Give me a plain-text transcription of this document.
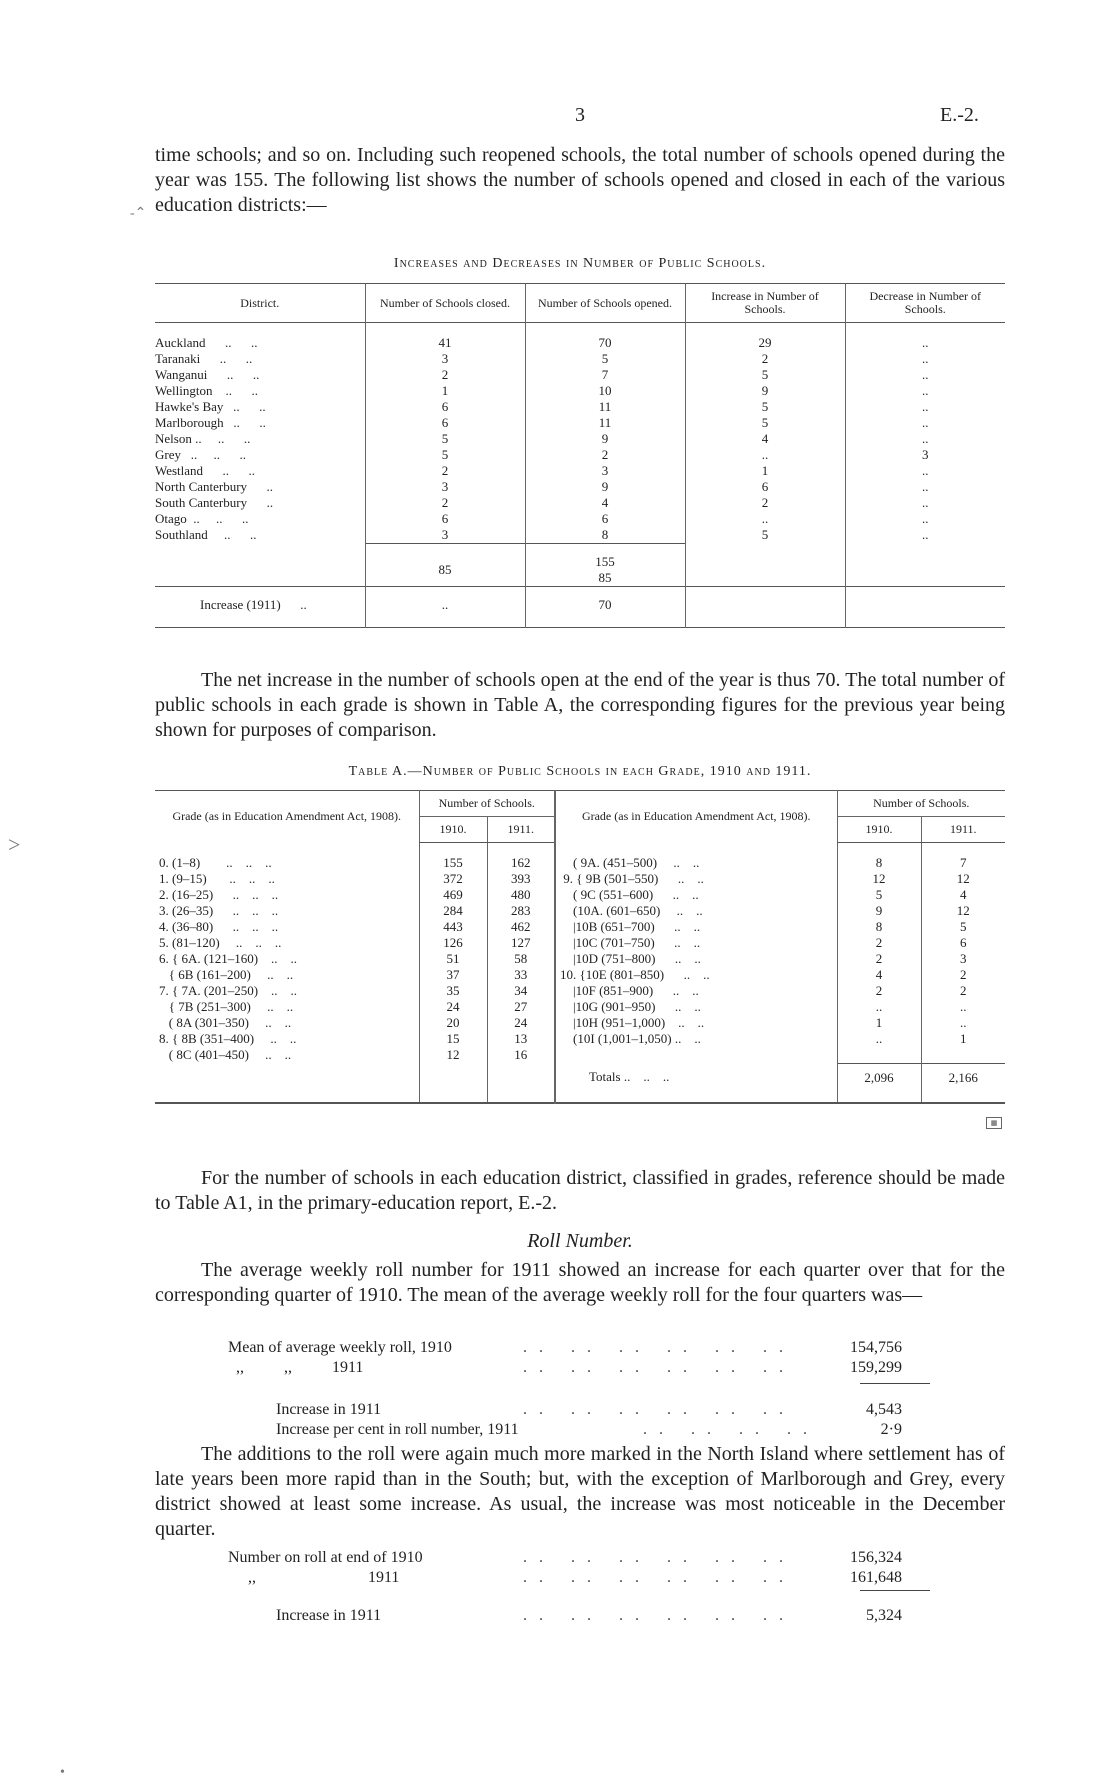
3	E.-2.

time schools; and so on. Including such reopened schools, the total number of schools opened during the year was 155. The following list shows the number of schools opened and closed in each of the various education districts:—

Increases and Decreases in Number of Public Schools.
District.	Number of Schools closed.	Number of Schools opened.	Increase in Number of Schools.	Decrease in Number of Schools.
Auckland      ..      ..	41	70	29	..
Taranaki      ..      ..	3	5	2	..
Wanganui      ..      ..	2	7	5	..
Wellington    ..      ..	1	10	9	..
Hawke's Bay   ..      ..	6	11	5	..
Marlborough   ..      ..	6	11	5	..
Nelson ..     ..      ..	5	9	4	..
Grey   ..     ..      ..	5	2	..	3
Westland      ..      ..	2	3	1	..
North Canterbury      ..	3	9	6	..
South Canterbury      ..	2	4	2	..
Otago  ..     ..      ..	6	6	..	..
Southland     ..      ..	3	8	5	..
	85	155
85		
Increase (1911)      ..	..	70		

The net increase in the number of schools open at the end of the year is thus 70. The total number of public schools in each grade is shown in Table A, the corresponding figures for the previous year being shown for purposes of comparison.

Table A.—Number of Public Schools in each Grade, 1910 and 1911.
Grade (as in Education Amendment Act, 1908).	Number of Schools.		Grade (as in Education Amendment Act, 1908).	Number of Schools.	
	1910.	1911.		1910.	1911.
0. (1–8)        ..    ..    ..	155	162	( 9A. (451–500)     ..    ..	8	7
1. (9–15)       ..    ..    ..	372	393	9. { 9B (501–550)      ..    ..	12	12
2. (16–25)      ..    ..    ..	469	480	( 9C (551–600)      ..    ..	5	4
3. (26–35)      ..    ..    ..	284	283	(10A. (601–650)     ..    ..	9	12
4. (36–80)      ..    ..    ..	443	462	|10B (651–700)      ..    ..	8	5
5. (81–120)     ..    ..    ..	126	127	|10C (701–750)      ..    ..	2	6
6. { 6A. (121–160)    ..    ..	51	58	|10D (751–800)      ..    ..	2	3
{ 6B (161–200)     ..    ..	37	33	10. {10E (801–850)      ..    ..	4	2
7. { 7A. (201–250)    ..    ..	35	34	|10F (851–900)      ..    ..	2	2
{ 7B (251–300)     ..    ..	24	27	|10G (901–950)      ..    ..	..	..
( 8A (301–350)     ..    ..	20	24	|10H (951–1,000)    ..    ..	1	..
8. { 8B (351–400)     ..    ..	15	13	(10I (1,001–1,050) ..    ..	..	1
( 8C (401–450)     ..    ..	12	16			
			Totals ..    ..    ..	2,096	2,166
▦

For the number of schools in each education district, classified in grades, reference should be made to Table A1, in the primary-education report, E.-2.

Roll Number.

The average weekly roll number for 1911 showed an increase for each quarter over that for the corresponding quarter of 1910. The mean of the average weekly roll for the four quarters was—

Mean of average weekly roll, 1910	.. .. .. .. .. ..	154,756
,,          ,,          1911	.. .. .. .. .. ..	159,299
Increase in 1911	.. .. .. .. .. ..	4,543
Increase per cent in roll number, 1911	.. .. .. ..	2·9

The additions to the roll were again much more marked in the North Island where settlement has of late years been more rapid than in the South; but, with the exception of Marlborough and Grey, every district showed at least some increase. As usual, the increase was most noticeable in the December quarter.

Number on roll at end of 1910	.. .. .. .. .. ..	156,324
,,                            1911	.. .. .. .. .. ..	161,648
Increase in 1911	.. .. .. .. .. ..	5,324
-⌃
>
•
